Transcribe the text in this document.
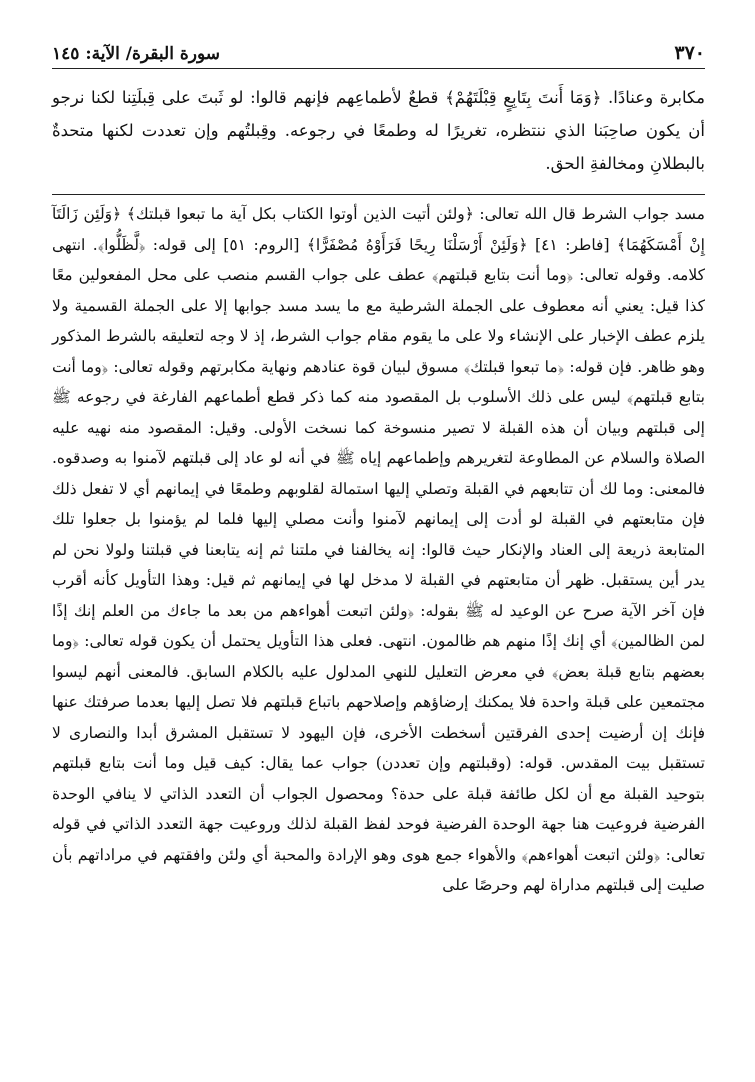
٣٧٠
سورة البقرة/ الآية: ١٤٥

مكابرة وعنادًا. ﴿وَمَا أَنتَ بِتَابِعٍ قِبْلَتَهُمْ﴾ قطعٌ لأطماعِهم فإنهم قالوا: لو ثَبتَ على قِبلَتِنا لكنا نرجو أن يكون صاحِبَنا الذي ننتظره، تغريرًا له وطمعًا في رجوعه. وقِبلتُهم وإن تعددت لكنها متحدةٌ بالبطلانِ ومخالفةِ الحق.

مسد جواب الشرط قال الله تعالى: ﴿ولئن أتيت الذين أوتوا الكتاب بكل آية ما تبعوا قبلتك﴾ ﴿وَلَئِن زَالَتَآ إِنْ أَمْسَكَهُمَا﴾ [فاطر: ٤١] ﴿وَلَئِنْ أَرْسَلْنَا رِيحًا فَرَأَوْهُ مُصْفَرًّا﴾ [الروم: ٥١] إلى قوله: ﴿لَّظَلُّوا﴾. انتهى كلامه. وقوله تعالى: ﴿وما أنت بتابع قبلتهم﴾ عطف على جواب القسم منصب على محل المفعولين معًا كذا قيل: يعني أنه معطوف على الجملة الشرطية مع ما يسد مسد جوابها إلا على الجملة القسمية ولا يلزم عطف الإخبار على الإنشاء ولا على ما يقوم مقام جواب الشرط، إذ لا وجه لتعليقه بالشرط المذكور وهو ظاهر. فإن قوله: ﴿ما تبعوا قبلتك﴾ مسوق لبيان قوة عنادهم ونهاية مكابرتهم وقوله تعالى: ﴿وما أنت بتابع قبلتهم﴾ ليس على ذلك الأسلوب بل المقصود منه كما ذكر قطع أطماعهم الفارغة في رجوعه ﷺ إلى قبلتهم وبيان أن هذه القبلة لا تصير منسوخة كما نسخت الأولى. وقيل: المقصود منه نهيه عليه الصلاة والسلام عن المطاوعة لتغريرهم وإطماعهم إياه ﷺ في أنه لو عاد إلى قبلتهم لآمنوا به وصدقوه. فالمعنى: وما لك أن تتابعهم في القبلة وتصلي إليها استمالة لقلوبهم وطمعًا في إيمانهم أي لا تفعل ذلك فإن متابعتهم في القبلة لو أدت إلى إيمانهم لآمنوا وأنت مصلي إليها فلما لم يؤمنوا بل جعلوا تلك المتابعة ذريعة إلى العناد والإنكار حيث قالوا: إنه يخالفنا في ملتنا ثم إنه يتابعنا في قبلتنا ولولا نحن لم يدر أين يستقبل. ظهر أن متابعتهم في القبلة لا مدخل لها في إيمانهم ثم قيل: وهذا التأويل كأنه أقرب فإن آخر الآية صرح عن الوعيد له ﷺ بقوله: ﴿ولئن اتبعت أهواءهم من بعد ما جاءك من العلم إنك إذًا لمن الظالمين﴾ أي إنك إذًا منهم هم ظالمون. انتهى. فعلى هذا التأويل يحتمل أن يكون قوله تعالى: ﴿وما بعضهم بتابع قبلة بعض﴾ في معرض التعليل للنهي المدلول عليه بالكلام السابق. فالمعنى أنهم ليسوا مجتمعين على قبلة واحدة فلا يمكنك إرضاؤهم وإصلاحهم باتباع قبلتهم فلا تصل إليها بعدما صرفتك عنها فإنك إن أرضيت إحدى الفرقتين أسخطت الأخرى، فإن اليهود لا تستقبل المشرق أبدا والنصارى لا تستقبل بيت المقدس. قوله: (وقبلتهم وإن تعددن) جواب عما يقال: كيف قيل وما أنت بتابع قبلتهم بتوحيد القبلة مع أن لكل طائفة قبلة على حدة؟ ومحصول الجواب أن التعدد الذاتي لا ينافي الوحدة الفرضية فروعيت هنا جهة الوحدة الفرضية فوحد لفظ القبلة لذلك وروعيت جهة التعدد الذاتي في قوله تعالى: ﴿ولئن اتبعت أهواءهم﴾ والأهواء جمع هوى وهو الإرادة والمحبة أي ولئن وافقتهم في مراداتهم بأن صليت إلى قبلتهم مداراة لهم وحرصًا على
